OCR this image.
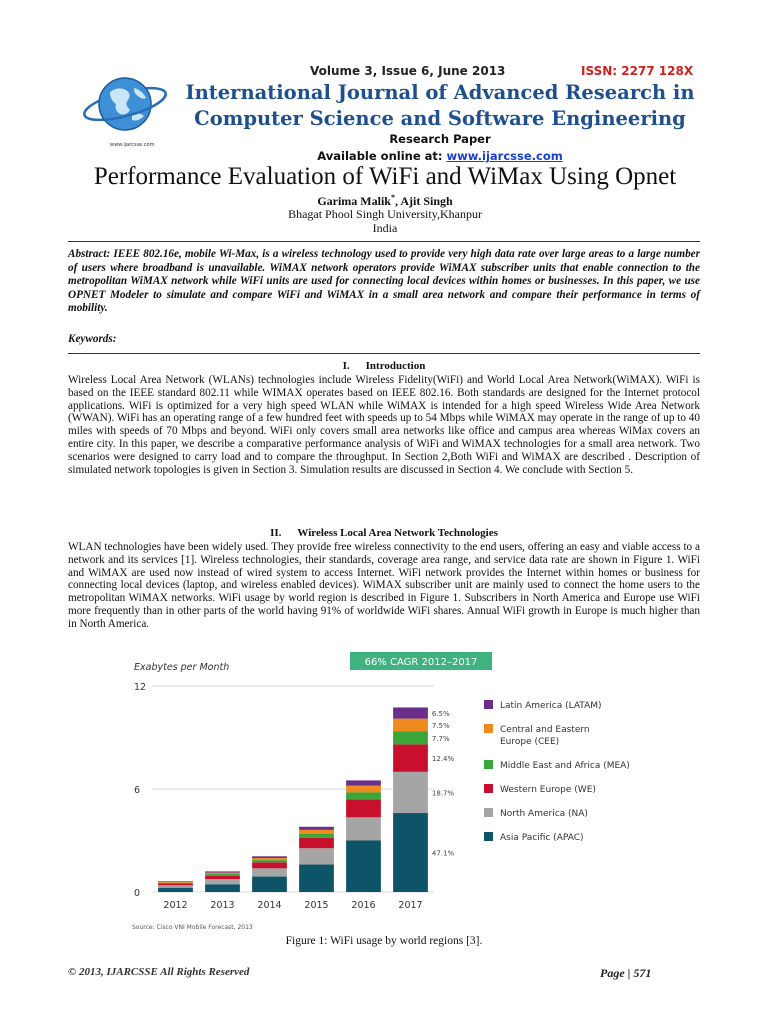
www.ijarcsse.com
Volume 3, Issue 6, June 2013	ISSN: 2277 128X
International Journal of Advanced Research in
Computer Science and Software Engineering
Research Paper
Available online at: www.ijarcsse.com
Performance Evaluation of WiFi and WiMax Using Opnet
Garima Malik*, Ajit Singh
Bhagat Phool Singh University,Khanpur
India
Abstract: IEEE 802.16e, mobile Wi-Max, is a wireless technology used to provide very high data rate over large areas to a large number of users where broadband is unavailable. WiMAX network operators provide WiMAX subscriber units that enable connection to the metropolitan WiMAX network while WiFi units are used for connecting local devices within homes or businesses. In this paper, we use OPNET Modeler to simulate and compare WiFi and WiMAX in a small area network and compare their performance in terms of mobility.
Keywords:
I. Introduction
Wireless Local Area Network (WLANs) technologies include Wireless Fidelity(WiFi) and World Local Area Network(WiMAX). WiFi is based on the IEEE standard 802.11 while WIMAX operates based on IEEE 802.16. Both standards are designed for the Internet protocol applications. WiFi is optimized for a very high speed WLAN while WiMAX is intended for a high speed Wireless Wide Area Network (WWAN). WiFi has an operating range of a few hundred feet with speeds up to 54 Mbps while WiMAX may operate in the range of up to 40 miles with speeds of 70 Mbps and beyond. WiFi only covers small area networks like office and campus area whereas WiMax covers an entire city. In this paper, we describe a comparative performance analysis of WiFi and WiMAX technologies for a small area network. Two scenarios were designed to carry load and to compare the throughput. In Section 2,Both WiFi and WiMAX are described . Description of simulated network topologies is given in Section 3. Simulation results are discussed in Section 4. We conclude with Section 5.
II. Wireless Local Area Network Technologies
WLAN technologies have been widely used. They provide free wireless connectivity to the end users, offering an easy and viable access to a network and its services [1]. Wireless technologies, their standards, coverage area range, and service data rate are shown in Figure 1. WiFi and WiMAX are used now instead of wired system to access Internet. WiFi network provides the Internet within homes or business for connecting local devices (laptop, and wireless enabled devices). WiMAX subscriber unit are mainly used to connect the home users to the metropolitan WiMAX networks. WiFi usage by world region is described in Figure 1. Subscribers in North America and Europe use WiFi more frequently than in other parts of the world having 91% of worldwide WiFi shares. Annual WiFi growth in Europe is much higher than in North America.
66% CAGR 2012–2017
Exabytes per Month
Source: Cisco VNI Mobile Forecast, 2013
0
6
12
2012 2013 2014 2015 2016 2017
47.1%
18.7%
12.4%
7.7%
7.5%
6.5%
Latin America (LATAM)
Central and Eastern
Europe (CEE)
Middle East and Africa (MEA)
Western Europe (WE)
North America (NA)
Asia Pacific (APAC)
Figure 1: WiFi usage by world regions [3].
© 2013, IJARCSSE All Rights Reserved	Page | 571
